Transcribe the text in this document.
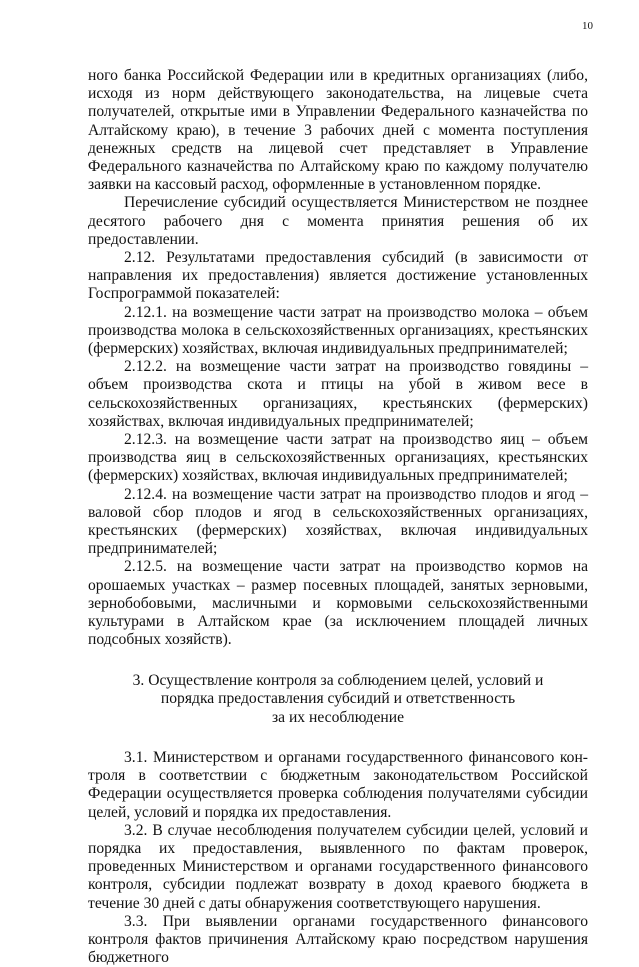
10

ного банка Российской Федерации или в кредитных организациях (либо, исходя из норм действующего законодательства, на лицевые счета получателей, открытые ими в Управлении Федерального казначейства по Алтайскому краю), в течение 3 рабочих дней с момента поступления денежных средств на лицевой счет представляет в Управление Федерального казначейства по Алтайскому краю по каждому получателю заявки на кассовый расход, оформленные в установленном порядке.

Перечисление субсидий осуществляется Министерством не позднее десятого рабочего дня с момента принятия решения об их предоставлении.

2.12. Результатами предоставления субсидий (в зависимости от направления их предоставления) является достижение установленных Госпрограммой показателей:

2.12.1. на возмещение части затрат на производство молока – объем производства молока в сельскохозяйственных организациях, крестьянских (фермерских) хозяйствах, включая индивидуальных предпринимателей;

2.12.2. на возмещение части затрат на производство говядины – объем производства скота и птицы на убой в живом весе в сельскохозяйственных организациях, крестьянских (фермерских) хозяйствах, включая индивидуальных предпринимателей;

2.12.3. на возмещение части затрат на производство яиц – объем производства яиц в сельскохозяйственных организациях, крестьянских (фермерских) хозяйствах, включая индивидуальных предпринимателей;

2.12.4. на возмещение части затрат на производство плодов и ягод – валовой сбор плодов и ягод в сельскохозяйственных организациях, крестьянских (фермерских) хозяйствах, включая индивидуальных предпринимателей;

2.12.5. на возмещение части затрат на производство кормов на орошаемых участках – размер посевных площадей, занятых зерновыми, зернобобовыми, масличными и кормовыми сельскохозяйственными культурами в Алтайском крае (за исключением площадей личных подсобных хозяйств).

3. Осуществление контроля за соблюдением целей, условий и
порядка предоставления субсидий и ответственность
за их несоблюдение

3.1. Министерством и органами государственного финансового контроля в соответствии с бюджетным законодательством Российской Федерации осуществляется проверка соблюдения получателями субсидии целей, условий и порядка их предоставления.

3.2. В случае несоблюдения получателем субсидии целей, условий и порядка их предоставления, выявленного по фактам проверок, проведенных Министерством и органами государственного финансового контроля, субсидии подлежат возврату в доход краевого бюджета в течение 30 дней с даты обнаружения соответствующего нарушения.

3.3. При выявлении органами государственного финансового контроля фактов причинения Алтайскому краю посредством нарушения бюджетного
